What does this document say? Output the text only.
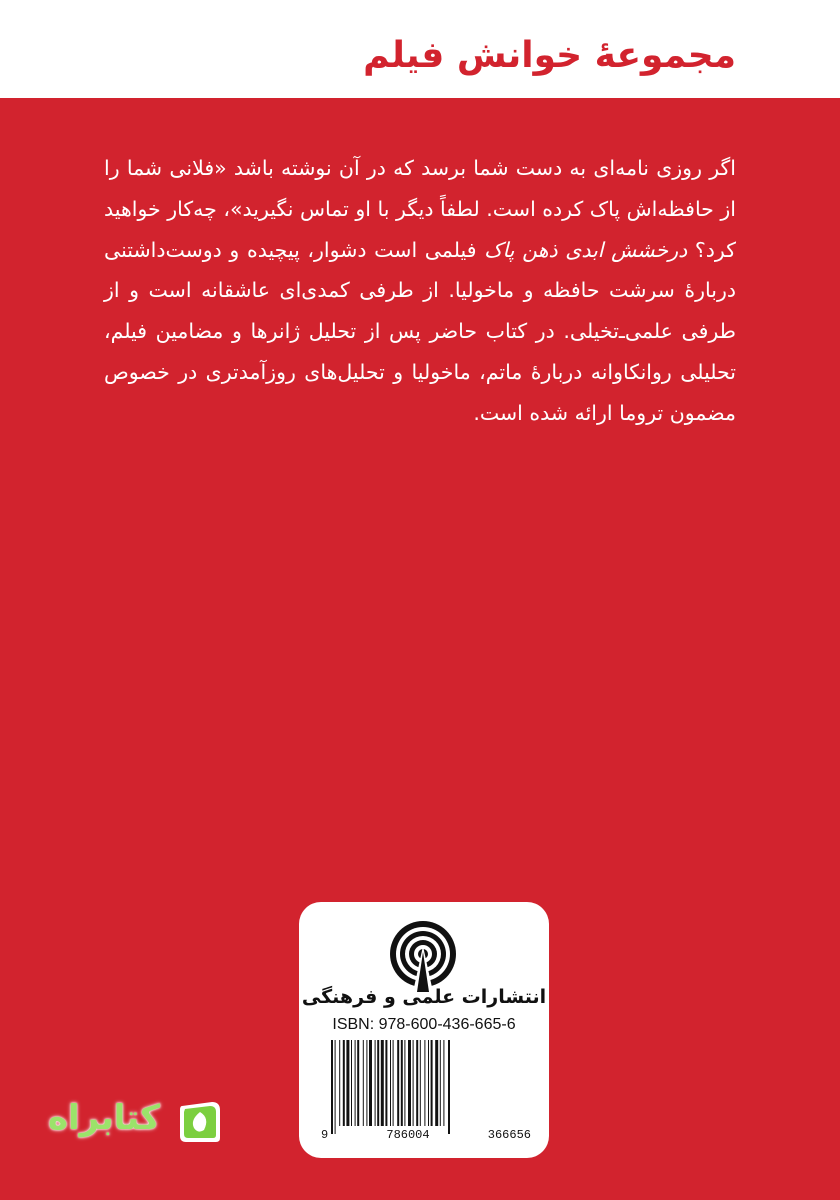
مجموعهٔ خوانش فیلم

اگر روزی نامه‌ای به دست شما برسد که در آن نوشته باشد «فلانی شما را از حافظه‌اش پاک کرده است. لطفاً دیگر با او تماس نگیرید»، چه‌کار خواهید کرد؟ درخشش ابدی ذهن پاک فیلمی است دشوار، پیچیده و دوست‌داشتنی دربارهٔ سرشت حافظه و ماخولیا. از طرفی کمدی‌ای عاشقانه است و از طرفی علمی‌ـ‌تخیلی. در کتاب حاضر پس از تحلیل ژانرها و مضامین فیلم، تحلیلی روانکاوانه دربارهٔ ماتم، ماخولیا و تحلیل‌های روزآمدتری در خصوص مضمون تروما ارائه شده است.

انتشارات علمی و فرهنگی
ISBN: 978-600-436-665-6
9	786004	366656
کتابراه
